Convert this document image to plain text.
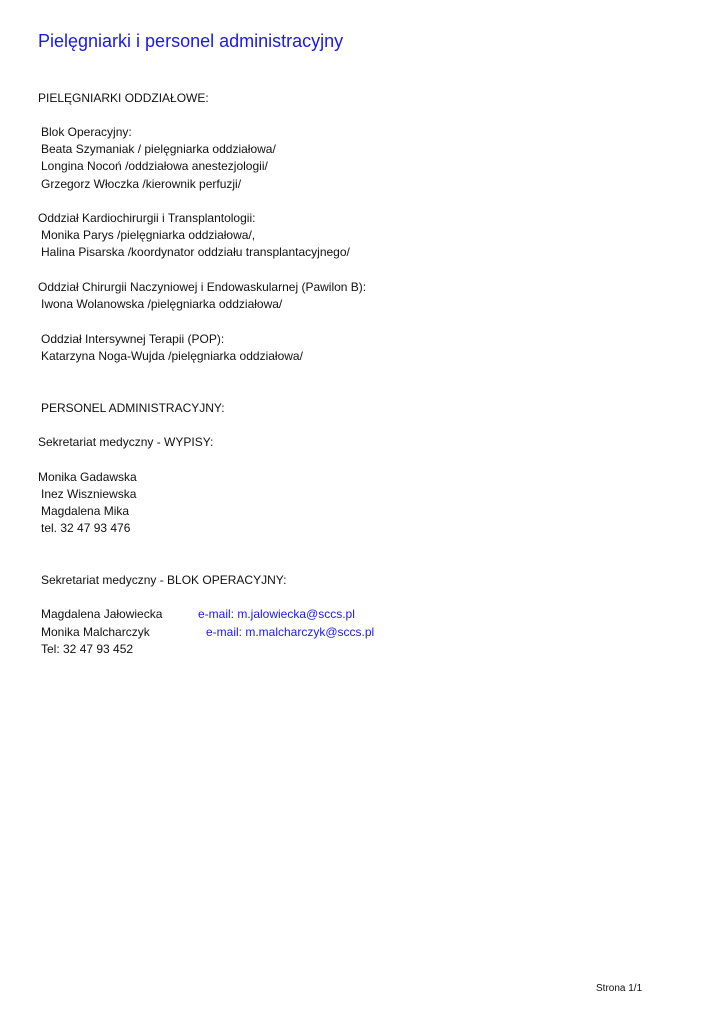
Pielęgniarki i personel administracyjny
PIELĘGNIARKI ODDZIAŁOWE:
Blok Operacyjny:
Beata Szymaniak / pielęgniarka oddziałowa/
Longina Nocoń /oddziałowa anestezjologii/
Grzegorz Włoczka /kierownik perfuzji/
Oddział Kardiochirurgii i Transplantologii:
Monika Parys /pielęgniarka oddziałowa/,
Halina Pisarska /koordynator oddziału transplantacyjnego/
Oddział Chirurgii Naczyniowej i Endowaskularnej (Pawilon B):
Iwona Wolanowska /pielęgniarka oddziałowa/
Oddział Intersywnej Terapii (POP):
Katarzyna Noga-Wujda /pielęgniarka oddziałowa/
PERSONEL ADMINISTRACYJNY:
Sekretariat medyczny - WYPISY:
Monika Gadawska
Inez Wiszniewska
Magdalena Mika
tel. 32 47 93 476
Sekretariat medyczny - BLOK OPERACYJNY:
Magdalena Jałowiecka	e-mail: m.jalowiecka@sccs.pl
Monika Malcharczyk	e-mail: m.malcharczyk@sccs.pl
Tel: 32 47 93 452
Strona 1/1
